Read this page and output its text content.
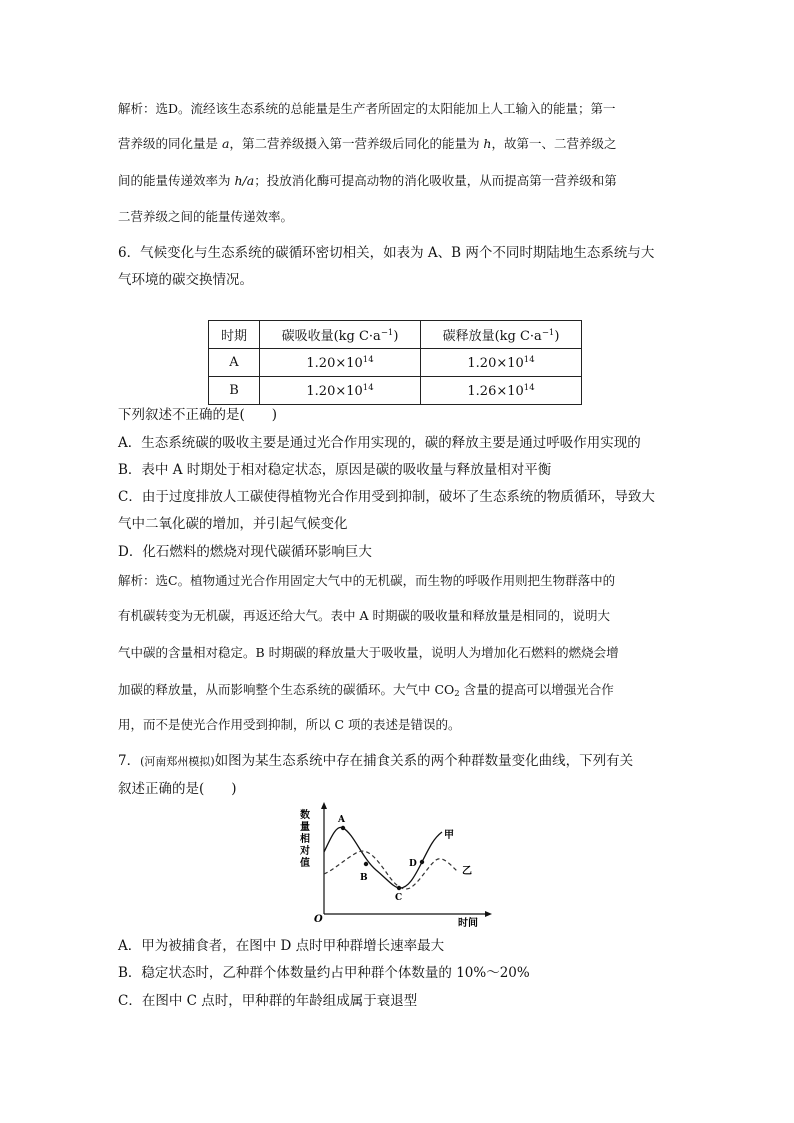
解析：选D。流经该生态系统的总能量是生产者所固定的太阳能加上人工输入的能量；第一
营养级的同化量是 a，第二营养级摄入第一营养级后同化的能量为 h，故第一、二营养级之
间的能量传递效率为 h/a；投放消化酶可提高动物的消化吸收量，从而提高第一营养级和第
二营养级之间的能量传递效率。
6．气候变化与生态系统的碳循环密切相关，如表为 A、B 两个不同时期陆地生态系统与大
气环境的碳交换情况。
时期	碳吸收量(kg $C\cdot a^{-1}$)	碳释放量(kg $C\cdot a^{-1}$)
A	$1.20\times 10^{14}$	$1.20\times 10^{14}$
B	$1.20\times 10^{14}$	$1.26\times 10^{14}$
下列叙述不正确的是(　　)
A．生态系统碳的吸收主要是通过光合作用实现的，碳的释放主要是通过呼吸作用实现的
B．表中 A 时期处于相对稳定状态，原因是碳的吸收量与释放量相对平衡
C．由于过度排放人工碳使得植物光合作用受到抑制，破坏了生态系统的物质循环，导致大
气中二氧化碳的增加，并引起气候变化
D．化石燃料的燃烧对现代碳循环影响巨大
解析：选C。植物通过光合作用固定大气中的无机碳，而生物的呼吸作用则把生物群落中的
有机碳转变为无机碳，再返还给大气。表中 A 时期碳的吸收量和释放量是相同的，说明大
气中碳的含量相对稳定。B 时期碳的释放量大于吸收量，说明人为增加化石燃料的燃烧会增
加碳的释放量，从而影响整个生态系统的碳循环。大气中 $CO_2$ 含量的提高可以增强光合作
用，而不是使光合作用受到抑制，所以 C 项的表述是错误的。
7．(河南郑州模拟)如图为某生态系统中存在捕食关系的两个种群数量变化曲线，下列有关
叙述正确的是(　　)
数
量
相
对
值
O	时间
A
B
C
D
甲
乙
A．甲为被捕食者，在图中 D 点时甲种群增长速率最大
B．稳定状态时，乙种群个体数量约占甲种群个体数量的 10%～20%
C．在图中 C 点时，甲种群的年龄组成属于衰退型
